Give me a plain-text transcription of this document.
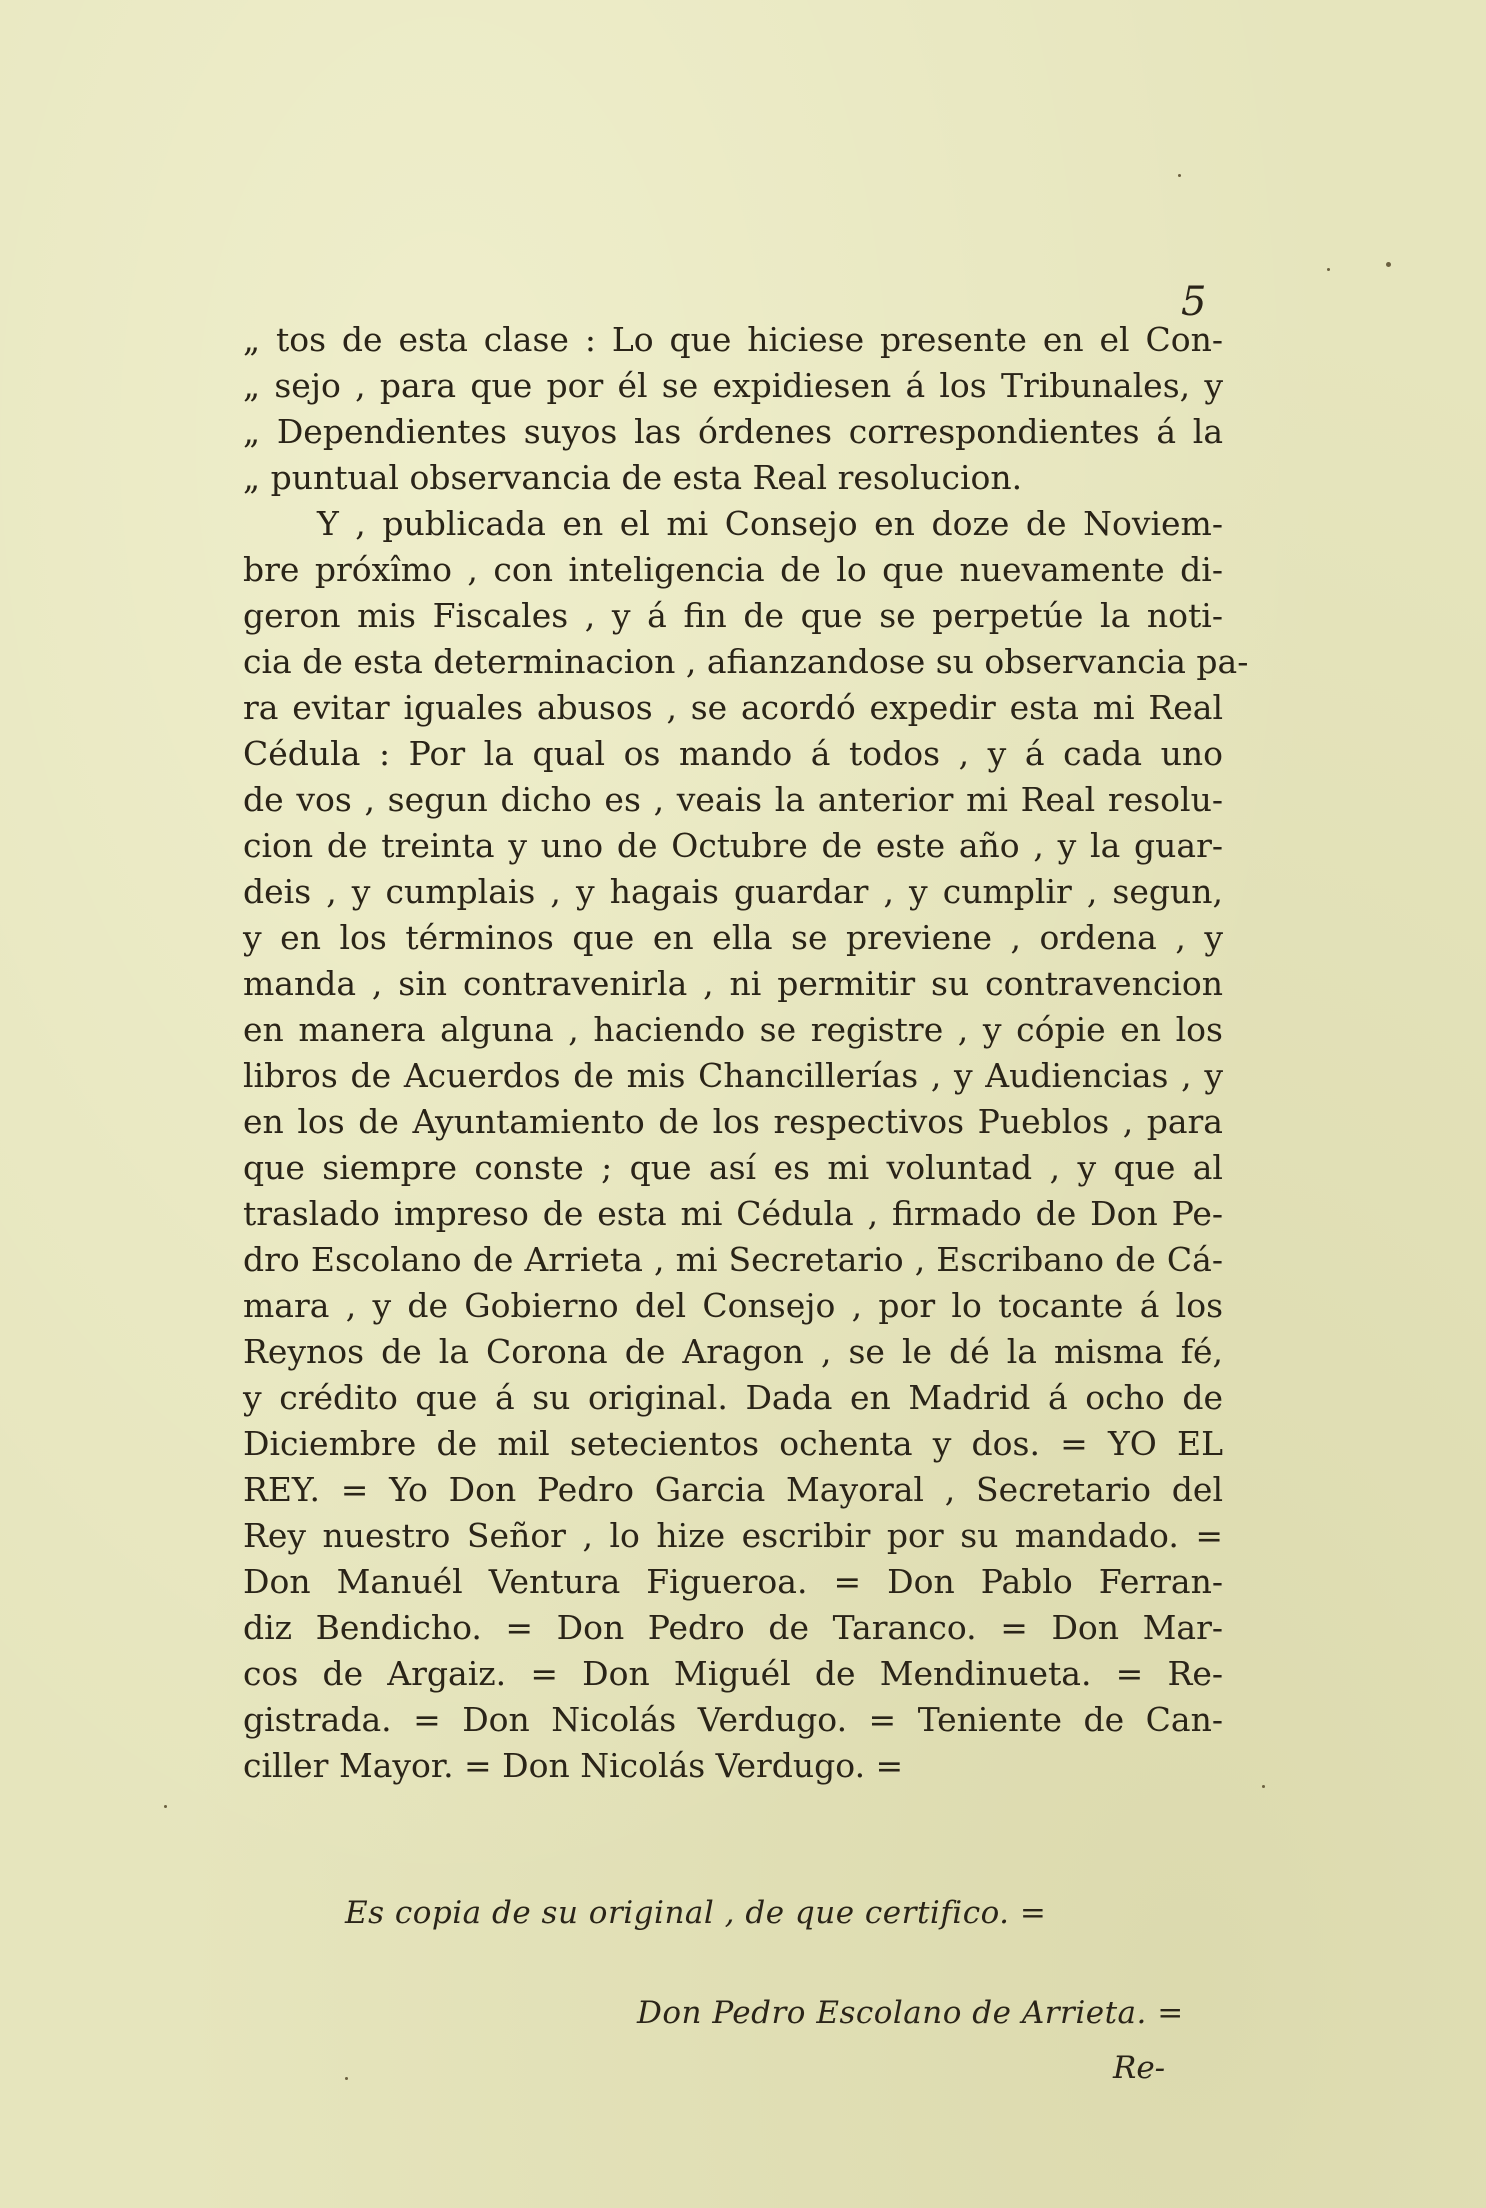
5
„ tos de esta clase : Lo que hiciese presente en el Con-
„ sejo , para que por él se expidiesen á los Tribunales, y
„ Dependientes suyos las órdenes correspondientes á la
„ puntual observancia de esta Real resolucion.
Y , publicada en el mi Consejo en doze de Noviem-
bre próxîmo , con inteligencia de lo que nuevamente di-
geron mis Fiscales , y á fin de que se perpetúe la noti-
cia de esta determinacion , afianzandose su observancia pa-
ra evitar iguales abusos , se acordó expedir esta mi Real
Cédula : Por la qual os mando á todos , y á cada uno
de vos , segun dicho es , veais la anterior mi Real resolu-
cion de treinta y uno de Octubre de este año , y la guar-
deis , y cumplais , y hagais guardar , y cumplir , segun,
y en los términos que en ella se previene , ordena , y
manda , sin contravenirla , ni permitir su contravencion
en manera alguna , haciendo se registre , y cópie en los
libros de Acuerdos de mis Chancillerías , y Audiencias , y
en los de Ayuntamiento de los respectivos Pueblos , para
que siempre conste ; que así es mi voluntad , y que al
traslado impreso de esta mi Cédula , firmado de Don Pe-
dro Escolano de Arrieta , mi Secretario , Escribano de Cá-
mara , y de Gobierno del Consejo , por lo tocante á los
Reynos de la Corona de Aragon , se le dé la misma fé,
y crédito que á su original. Dada en Madrid á ocho de
Diciembre de mil setecientos ochenta y dos. = YO EL
REY. = Yo Don Pedro Garcia Mayoral , Secretario del
Rey nuestro Señor , lo hize escribir por su mandado. =
Don Manuél Ventura Figueroa. = Don Pablo Ferran-
diz Bendicho. = Don Pedro de Taranco. = Don Mar-
cos de Argaiz. = Don Miguél de Mendinueta. = Re-
gistrada. = Don Nicolás Verdugo. = Teniente de Can-
ciller Mayor. = Don Nicolás Verdugo. =
Es copia de su original , de que certifico. =
Don Pedro Escolano de Arrieta. =
Re-
